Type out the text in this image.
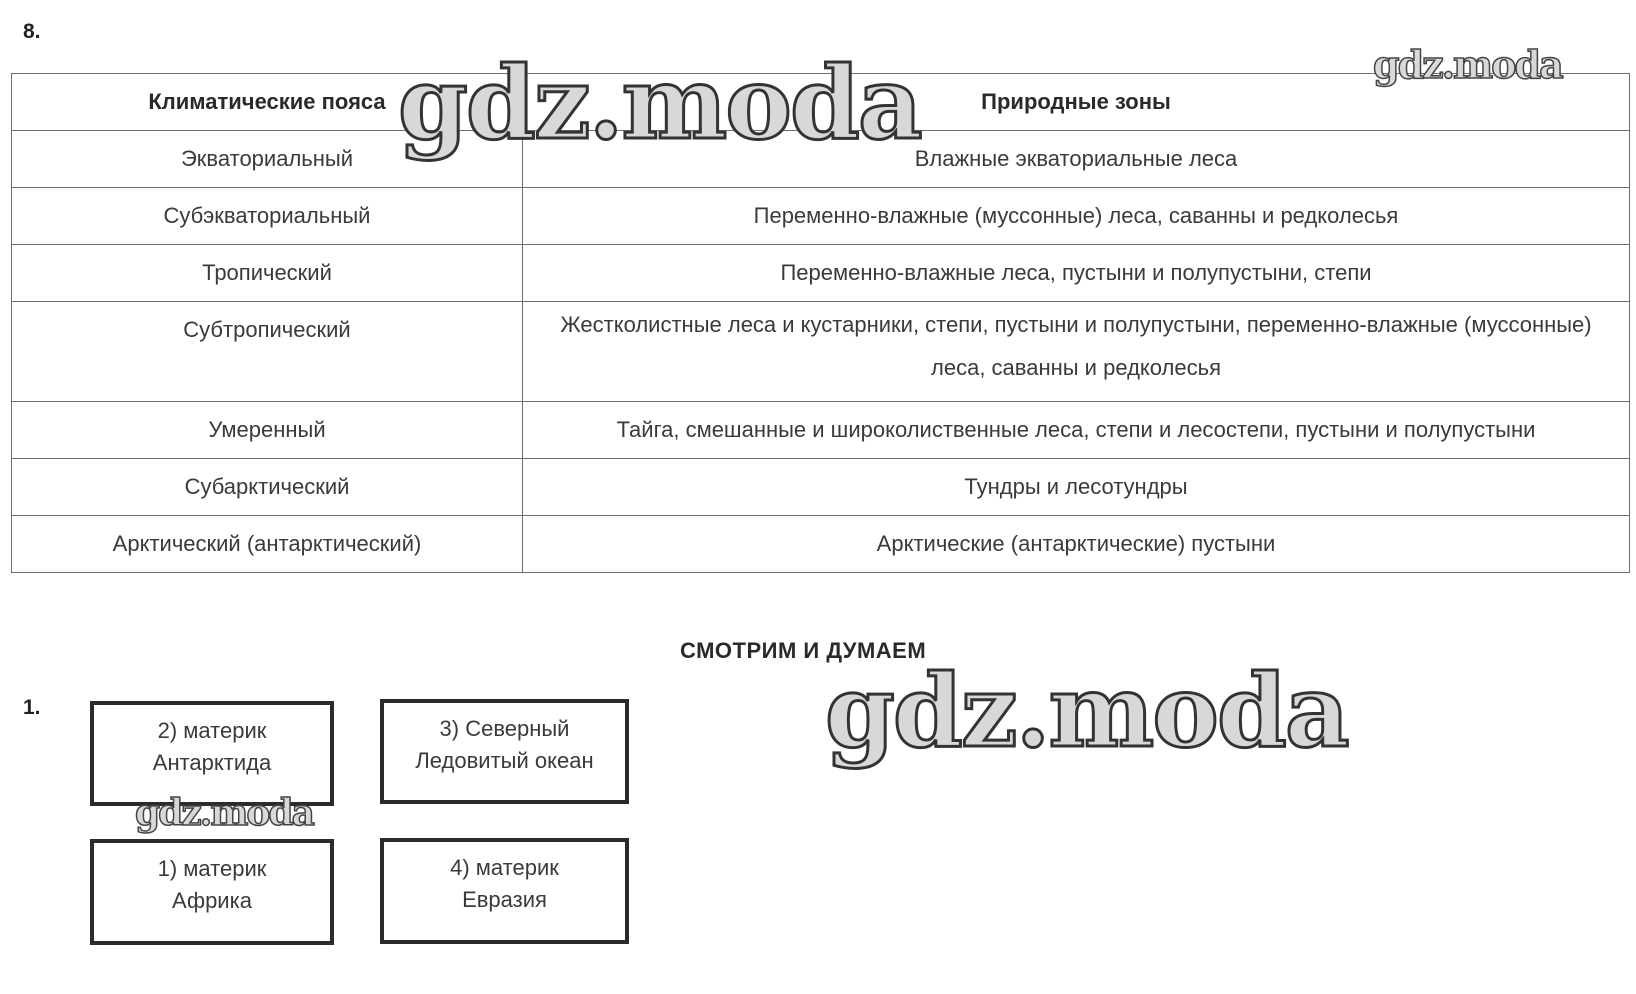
8.
Климатические пояса	Природные зоны
Экваториальный	Влажные экваториальные леса
Субэкваториальный	Переменно-влажные (муссонные) леса, саванны и редколесья
Тропический	Переменно-влажные леса, пустыни и полупустыни, степи
Субтропический	Жестколистные леса и кустарники, степи, пустыни и полупустыни, переменно-влажные (муссонные) леса, саванны и редколесья
Умеренный	Тайга, смешанные и широколиственные леса, степи и лесостепи, пустыни и полупустыни
Субарктический	Тундры и лесотундры
Арктический (антарктический)	Арктические (антарктические) пустыни
СМОТРИМ И ДУМАЕМ
1.
2) материк
Антарктида
3) Северный
Ледовитый океан
1) материк
Африка
4) материк
Евразия
gdz.moda	gdz.moda
gdz.moda
gdz.moda
